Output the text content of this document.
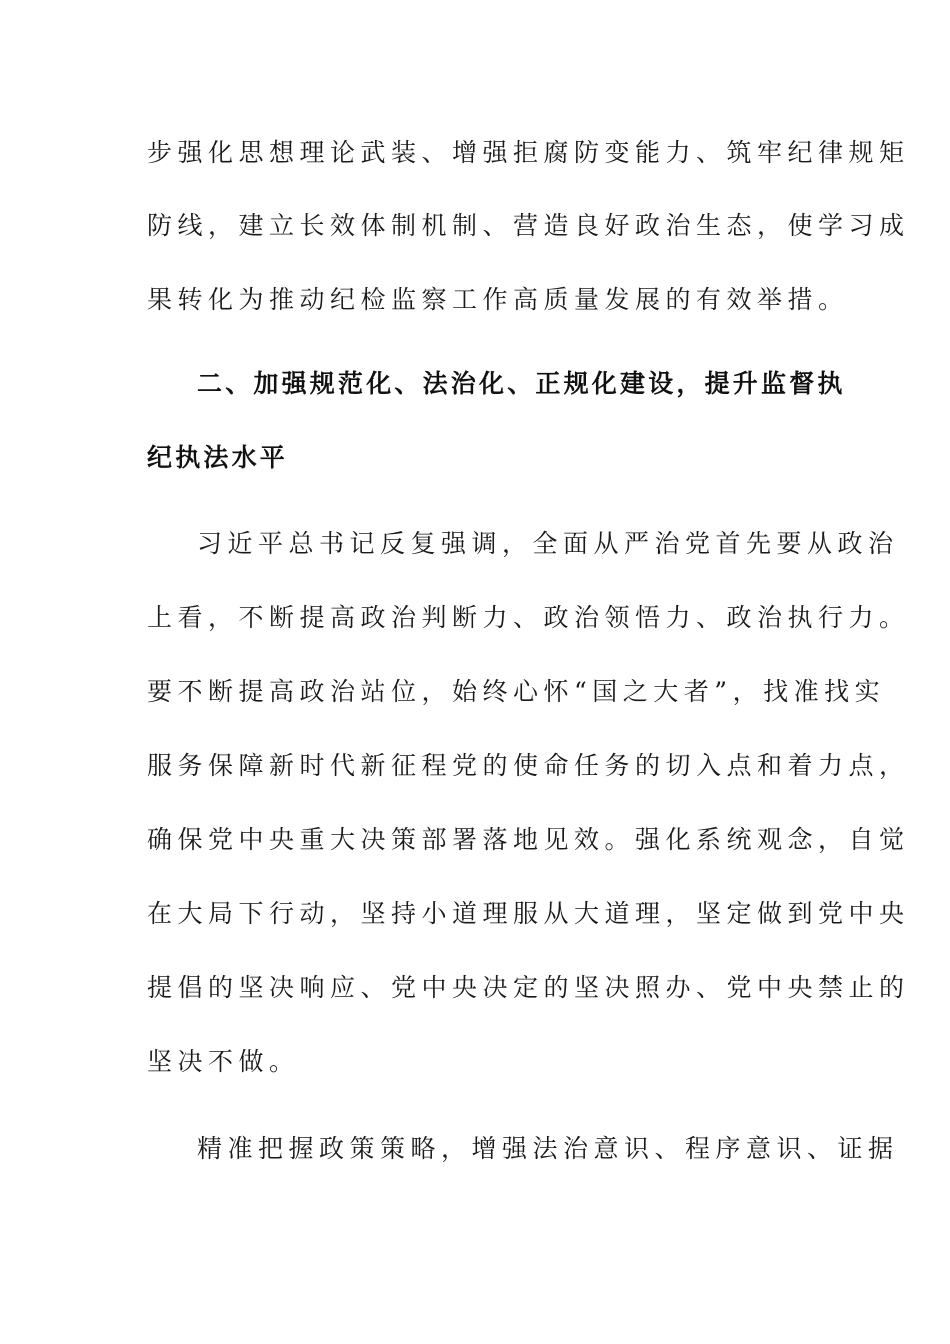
步强化思想理论武装、增强拒腐防变能力、筑牢纪律规矩
防线，建立长效体制机制、营造良好政治生态，使学习成
果转化为推动纪检监察工作高质量发展的有效举措。
二、加强规范化、法治化、正规化建设，提升监督执
纪执法水平
习近平总书记反复强调，全面从严治党首先要从政治
上看，不断提高政治判断力、政治领悟力、政治执行力。
要不断提高政治站位，始终心怀“国之大者”，找准找实
服务保障新时代新征程党的使命任务的切入点和着力点，
确保党中央重大决策部署落地见效。强化系统观念，自觉
在大局下行动，坚持小道理服从大道理，坚定做到党中央
提倡的坚决响应、党中央决定的坚决照办、党中央禁止的
坚决不做。
精准把握政策策略，增强法治意识、程序意识、证据
